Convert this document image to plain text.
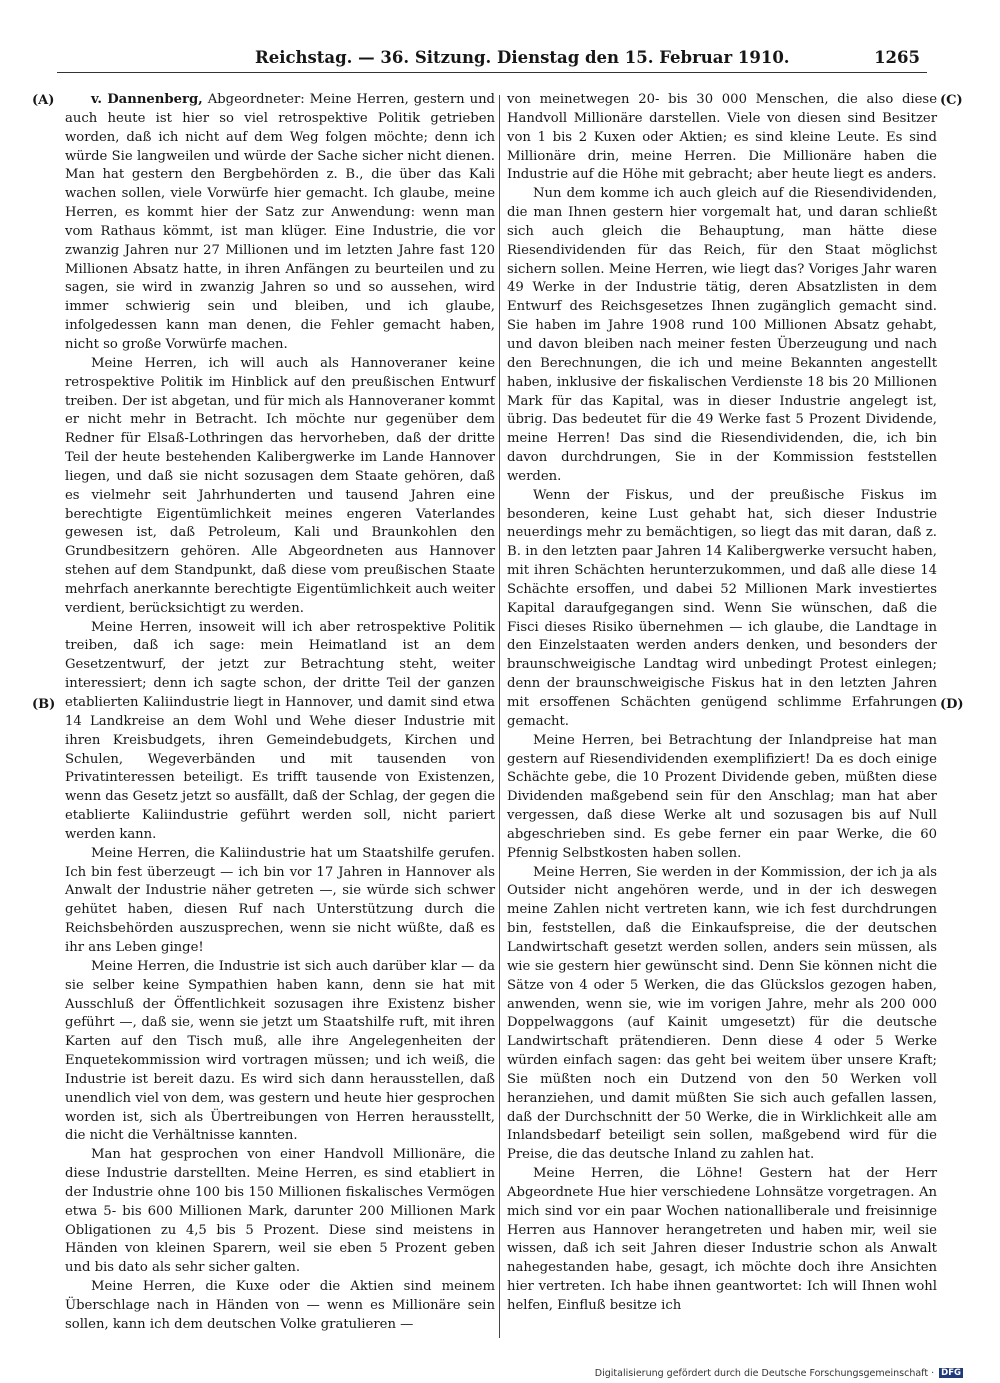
Reichstag. — 36. Sitzung. Dienstag den 15. Februar 1910.	1265
(A)
(B)
(C)
(D)

v. Dannenberg, Abgeordneter: Meine Herren, gestern und auch heute ist hier so viel retrospektive Politik getrieben worden, daß ich nicht auf dem Weg folgen möchte; denn ich würde Sie langweilen und würde der Sache sicher nicht dienen. Man hat gestern den Bergbehörden z. B., die über das Kali wachen sollen, viele Vorwürfe hier gemacht. Ich glaube, meine Herren, es kommt hier der Satz zur Anwendung: wenn man vom Rathaus kömmt, ist man klüger. Eine Industrie, die vor zwanzig Jahren nur 27 Millionen und im letzten Jahre fast 120 Millionen Absatz hatte, in ihren Anfängen zu beurteilen und zu sagen, sie wird in zwanzig Jahren so und so aussehen, wird immer schwierig sein und bleiben, und ich glaube, infolgedessen kann man denen, die Fehler gemacht haben, nicht so große Vorwürfe machen.

Meine Herren, ich will auch als Hannoveraner keine retrospektive Politik im Hinblick auf den preußischen Entwurf treiben. Der ist abgetan, und für mich als Hannoveraner kommt er nicht mehr in Betracht. Ich möchte nur gegenüber dem Redner für Elsaß-Lothringen das hervorheben, daß der dritte Teil der heute bestehenden Kalibergwerke im Lande Hannover liegen, und daß sie nicht sozusagen dem Staate gehören, daß es vielmehr seit Jahrhunderten und tausend Jahren eine berechtigte Eigentümlichkeit meines engeren Vaterlandes gewesen ist, daß Petroleum, Kali und Braunkohlen den Grundbesitzern gehören. Alle Abgeordneten aus Hannover stehen auf dem Standpunkt, daß diese vom preußischen Staate mehrfach anerkannte berechtigte Eigentümlichkeit auch weiter verdient, berücksichtigt zu werden.

Meine Herren, insoweit will ich aber retrospektive Politik treiben, daß ich sage: mein Heimatland ist an dem Gesetzentwurf, der jetzt zur Betrachtung steht, weiter interessiert; denn ich sagte schon, der dritte Teil der ganzen etablierten Kaliindustrie liegt in Hannover, und damit sind etwa 14 Landkreise an dem Wohl und Wehe dieser Industrie mit ihren Kreisbudgets, ihren Gemeindebudgets, Kirchen und Schulen, Wegeverbänden und mit tausenden von Privatinteressen beteiligt. Es trifft tausende von Existenzen, wenn das Gesetz jetzt so ausfällt, daß der Schlag, der gegen die etablierte Kaliindustrie geführt werden soll, nicht pariert werden kann.

Meine Herren, die Kaliindustrie hat um Staatshilfe gerufen. Ich bin fest überzeugt — ich bin vor 17 Jahren in Hannover als Anwalt der Industrie näher getreten —, sie würde sich schwer gehütet haben, diesen Ruf nach Unterstützung durch die Reichsbehörden auszusprechen, wenn sie nicht wüßte, daß es ihr ans Leben ginge!

Meine Herren, die Industrie ist sich auch darüber klar — da sie selber keine Sympathien haben kann, denn sie hat mit Ausschluß der Öffentlichkeit sozusagen ihre Existenz bisher geführt —, daß sie, wenn sie jetzt um Staatshilfe ruft, mit ihren Karten auf den Tisch muß, alle ihre Angelegenheiten der Enquetekommission wird vortragen müssen; und ich weiß, die Industrie ist bereit dazu. Es wird sich dann herausstellen, daß unendlich viel von dem, was gestern und heute hier gesprochen worden ist, sich als Übertreibungen von Herren herausstellt, die nicht die Verhältnisse kannten.

Man hat gesprochen von einer Handvoll Millionäre, die diese Industrie darstellten. Meine Herren, es sind etabliert in der Industrie ohne 100 bis 150 Millionen fiskalisches Vermögen etwa 5- bis 600 Millionen Mark, darunter 200 Millionen Mark Obligationen zu 4,5 bis 5 Prozent. Diese sind meistens in Händen von kleinen Sparern, weil sie eben 5 Prozent geben und bis dato als sehr sicher galten.

Meine Herren, die Kuxe oder die Aktien sind meinem Überschlage nach in Händen von — wenn es Millionäre sein sollen, kann ich dem deutschen Volke gratulieren —

von meinetwegen 20- bis 30 000 Menschen, die also diese Handvoll Millionäre darstellen. Viele von diesen sind Besitzer von 1 bis 2 Kuxen oder Aktien; es sind kleine Leute. Es sind Millionäre drin, meine Herren. Die Millionäre haben die Industrie auf die Höhe mit gebracht; aber heute liegt es anders.

Nun dem komme ich auch gleich auf die Riesendividenden, die man Ihnen gestern hier vorgemalt hat, und daran schließt sich auch gleich die Behauptung, man hätte diese Riesendividenden für das Reich, für den Staat möglichst sichern sollen. Meine Herren, wie liegt das? Voriges Jahr waren 49 Werke in der Industrie tätig, deren Absatzlisten in dem Entwurf des Reichsgesetzes Ihnen zugänglich gemacht sind. Sie haben im Jahre 1908 rund 100 Millionen Absatz gehabt, und davon bleiben nach meiner festen Überzeugung und nach den Berechnungen, die ich und meine Bekannten angestellt haben, inklusive der fiskalischen Verdienste 18 bis 20 Millionen Mark für das Kapital, was in dieser Industrie angelegt ist, übrig. Das bedeutet für die 49 Werke fast 5 Prozent Dividende, meine Herren! Das sind die Riesendividenden, die, ich bin davon durchdrungen, Sie in der Kommission feststellen werden.

Wenn der Fiskus, und der preußische Fiskus im besonderen, keine Lust gehabt hat, sich dieser Industrie neuerdings mehr zu bemächtigen, so liegt das mit daran, daß z. B. in den letzten paar Jahren 14 Kalibergwerke versucht haben, mit ihren Schächten herunterzukommen, und daß alle diese 14 Schächte ersoffen, und dabei 52 Millionen Mark investiertes Kapital daraufgegangen sind. Wenn Sie wünschen, daß die Fisci dieses Risiko übernehmen — ich glaube, die Landtage in den Einzelstaaten werden anders denken, und besonders der braunschweigische Landtag wird unbedingt Protest einlegen; denn der braunschweigische Fiskus hat in den letzten Jahren mit ersoffenen Schächten genügend schlimme Erfahrungen gemacht.

Meine Herren, bei Betrachtung der Inlandpreise hat man gestern auf Riesendividenden exemplifiziert! Da es doch einige Schächte gebe, die 10 Prozent Dividende geben, müßten diese Dividenden maßgebend sein für den Anschlag; man hat aber vergessen, daß diese Werke alt und sozusagen bis auf Null abgeschrieben sind. Es gebe ferner ein paar Werke, die 60 Pfennig Selbstkosten haben sollen.

Meine Herren, Sie werden in der Kommission, der ich ja als Outsider nicht angehören werde, und in der ich deswegen meine Zahlen nicht vertreten kann, wie ich fest durchdrungen bin, feststellen, daß die Einkaufspreise, die der deutschen Landwirtschaft gesetzt werden sollen, anders sein müssen, als wie sie gestern hier gewünscht sind. Denn Sie können nicht die Sätze von 4 oder 5 Werken, die das Glückslos gezogen haben, anwenden, wenn sie, wie im vorigen Jahre, mehr als 200 000 Doppelwaggons (auf Kainit umgesetzt) für die deutsche Landwirtschaft prätendieren. Denn diese 4 oder 5 Werke würden einfach sagen: das geht bei weitem über unsere Kraft; Sie müßten noch ein Dutzend von den 50 Werken voll heranziehen, und damit müßten Sie sich auch gefallen lassen, daß der Durchschnitt der 50 Werke, die in Wirklichkeit alle am Inlandsbedarf beteiligt sein sollen, maßgebend wird für die Preise, die das deutsche Inland zu zahlen hat.

Meine Herren, die Löhne! Gestern hat der Herr Abgeordnete Hue hier verschiedene Lohnsätze vorgetragen. An mich sind vor ein paar Wochen nationalliberale und freisinnige Herren aus Hannover herangetreten und haben mir, weil sie wissen, daß ich seit Jahren dieser Industrie schon als Anwalt nahegestanden habe, gesagt, ich möchte doch ihre Ansichten hier vertreten. Ich habe ihnen geantwortet: Ich will Ihnen wohl helfen, Einfluß besitze ich

Digitalisierung gefördert durch die Deutsche Forschungsgemeinschaft · DFG
